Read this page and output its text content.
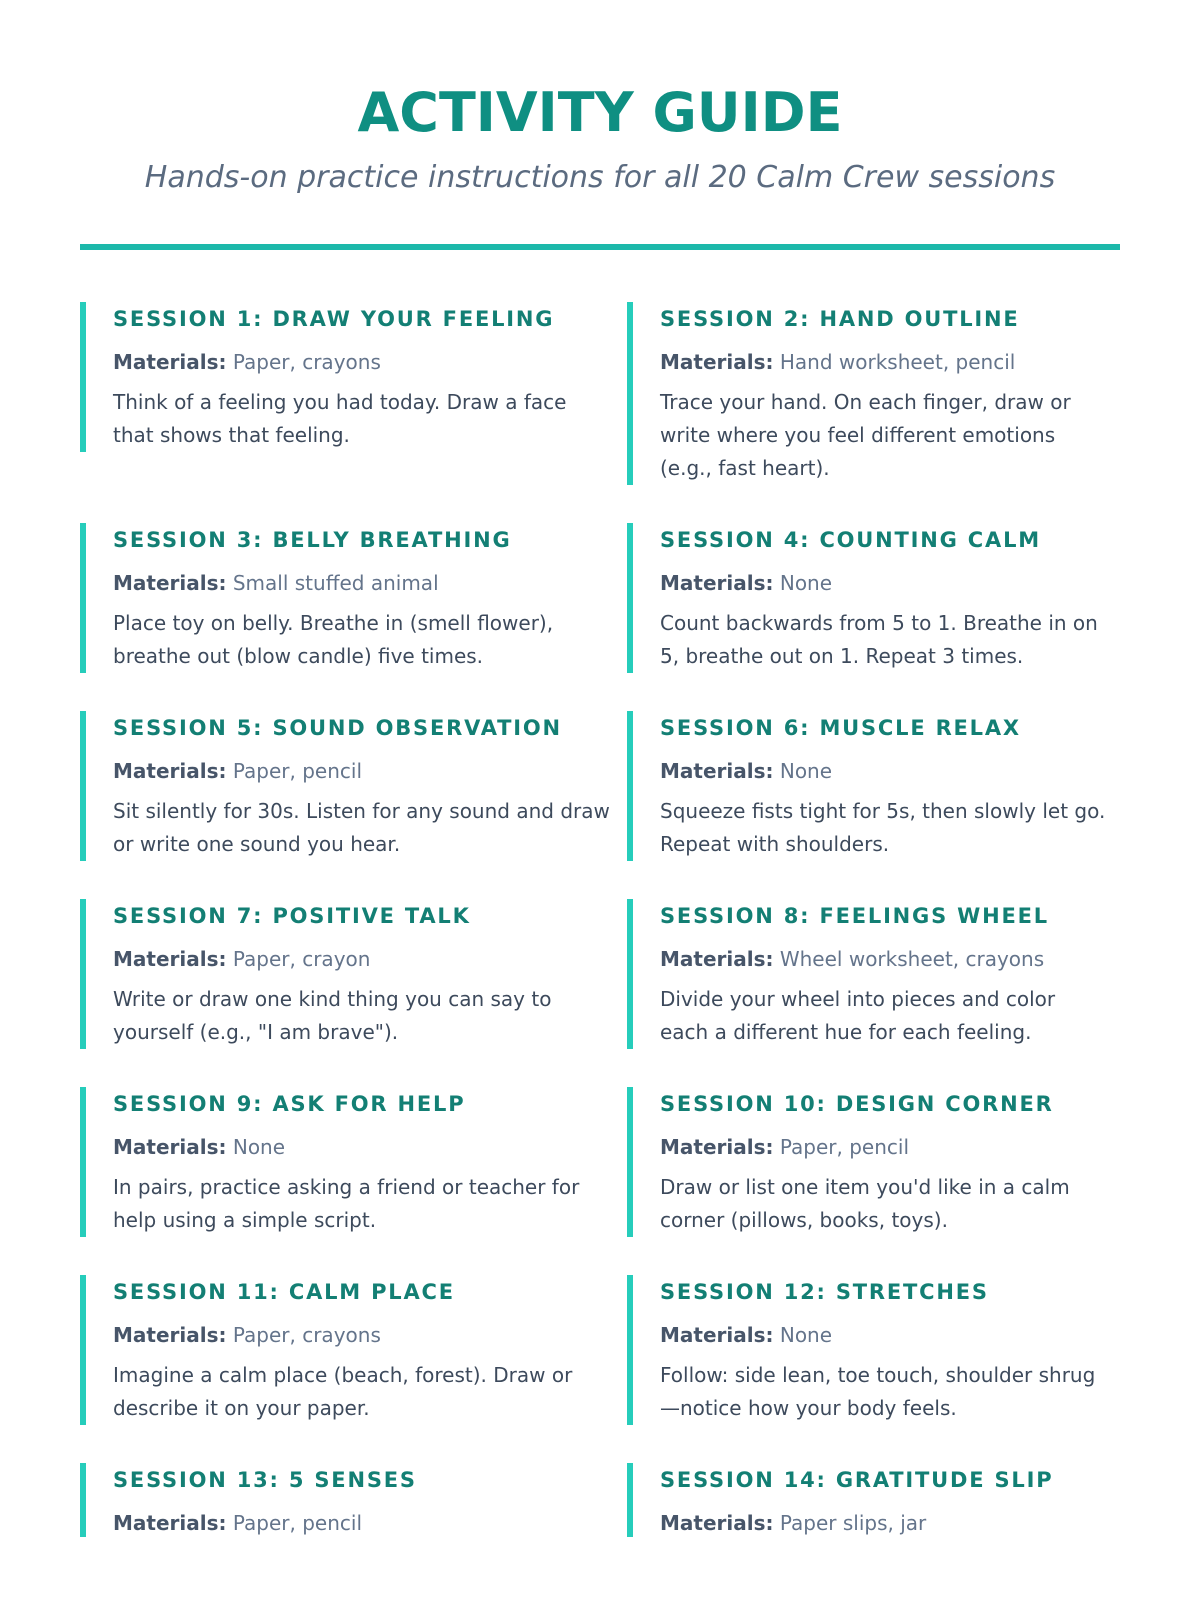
ACTIVITY GUIDE
Hands-on practice instructions for all 20 Calm Crew sessions
SESSION 1: DRAW YOUR FEELING
Materials: Paper, crayons
Think of a feeling you had today. Draw a face that shows that feeling.
SESSION 2: HAND OUTLINE
Materials: Hand worksheet, pencil
Trace your hand. On each finger, draw or write where you feel different emotions (e.g., fast heart).
SESSION 3: BELLY BREATHING
Materials: Small stuffed animal
Place toy on belly. Breathe in (smell flower), breathe out (blow candle) five times.
SESSION 4: COUNTING CALM
Materials: None
Count backwards from 5 to 1. Breathe in on 5, breathe out on 1. Repeat 3 times.
SESSION 5: SOUND OBSERVATION
Materials: Paper, pencil
Sit silently for 30s. Listen for any sound and draw or write one sound you hear.
SESSION 6: MUSCLE RELAX
Materials: None
Squeeze fists tight for 5s, then slowly let go. Repeat with shoulders.
SESSION 7: POSITIVE TALK
Materials: Paper, crayon
Write or draw one kind thing you can say to yourself (e.g., "I am brave").
SESSION 8: FEELINGS WHEEL
Materials: Wheel worksheet, crayons
Divide your wheel into pieces and color each a different hue for each feeling.
SESSION 9: ASK FOR HELP
Materials: None
In pairs, practice asking a friend or teacher for help using a simple script.
SESSION 10: DESIGN CORNER
Materials: Paper, pencil
Draw or list one item you'd like in a calm corner (pillows, books, toys).
SESSION 11: CALM PLACE
Materials: Paper, crayons
Imagine a calm place (beach, forest). Draw or describe it on your paper.
SESSION 12: STRETCHES
Materials: None
Follow: side lean, toe touch, shoulder shrug—notice how your body feels.
SESSION 13: 5 SENSES
Materials: Paper, pencil
SESSION 14: GRATITUDE SLIP
Materials: Paper slips, jar
